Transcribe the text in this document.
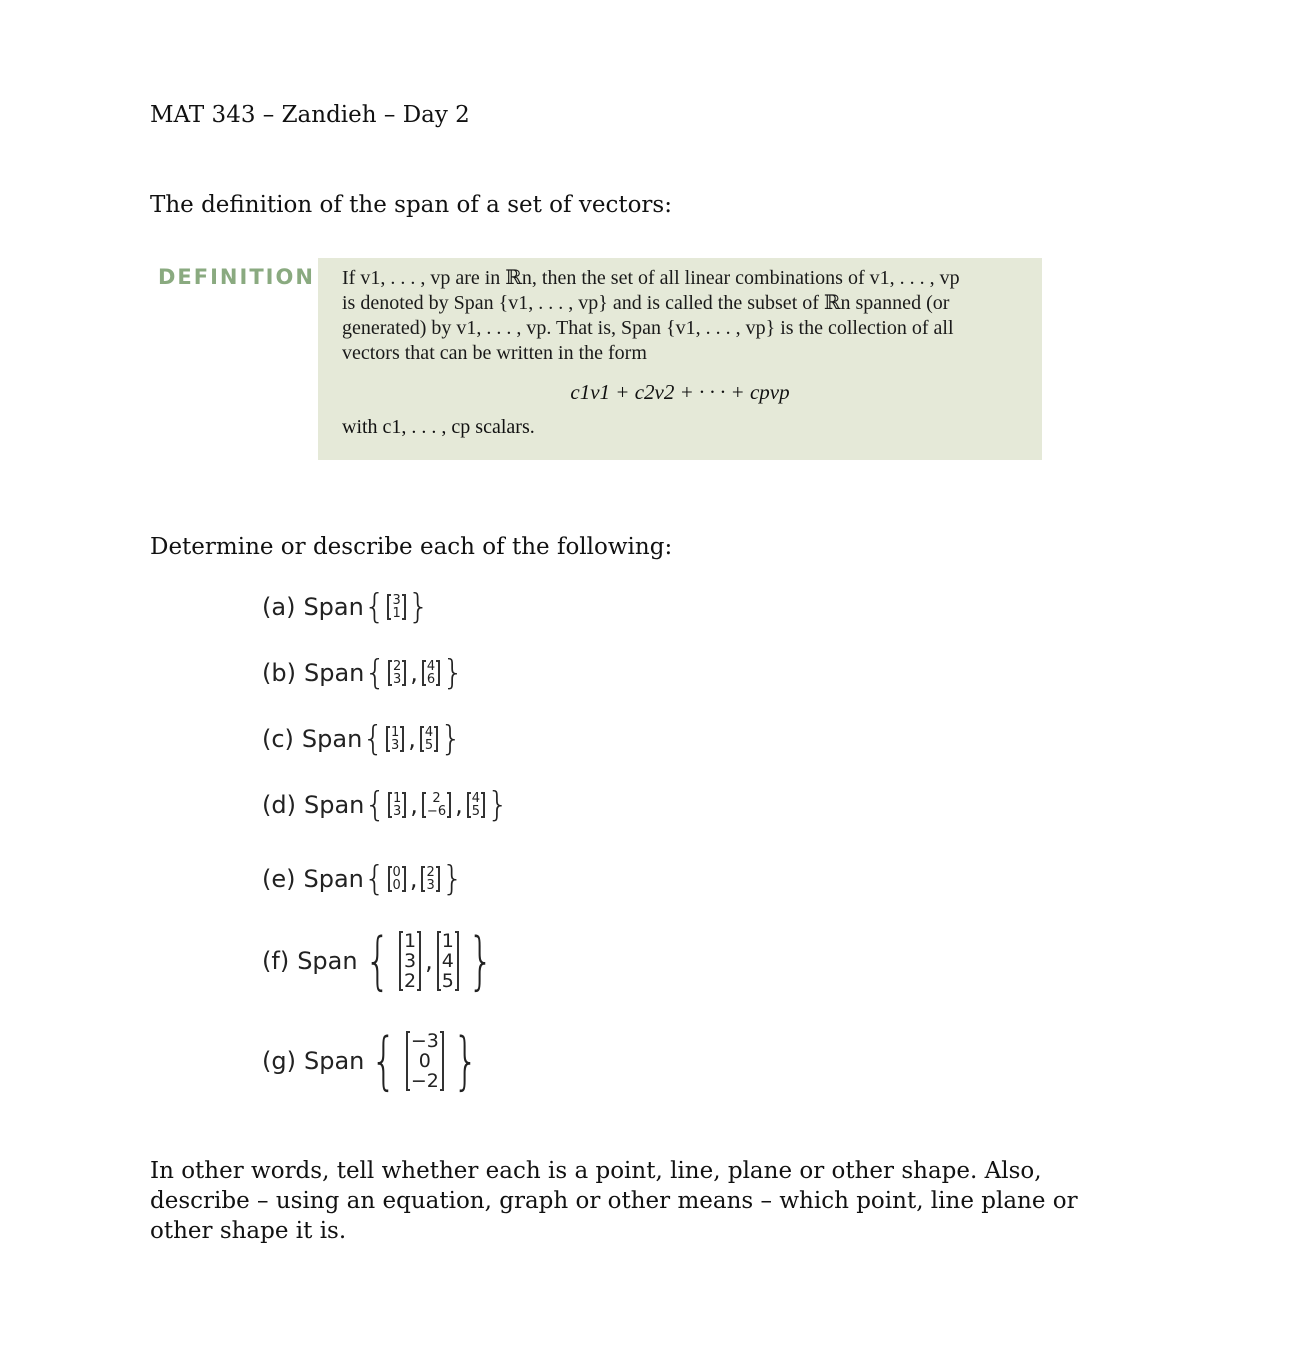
MAT 343 – Zandieh – Day 2
The definition of the span of a set of vectors:
DEFINITION If v1, . . . , vp are in ℝn, then the set of all linear combinations of v1, . . . , vp
is denoted by Span {v1, . . . , vp} and is called the subset of ℝn spanned (or
generated) by v1, . . . , vp. That is, Span {v1, . . . , vp} is the collection of all
vectors that can be written in the form
c1v1 + c2v2 + · · · + cpvp
with c1, . . . , cp scalars.
Determine or describe each of the following:
(a) Span { 3
1 }
(b) Span { 2
3 , 4
6 }
(c) Span { 1
3 , 4
5 }
(d) Span { 1
3 , 2
−6 , 4
5 }
(e) Span { 0
0 , 2
3 }
(f) Span { 1
3
2
,
1
4
5 }
(g) Span { −3
0
−2 }
In other words, tell whether each is a point, line, plane or other shape. Also, describe – using an equation, graph or other means – which point, line plane or other shape it is.
